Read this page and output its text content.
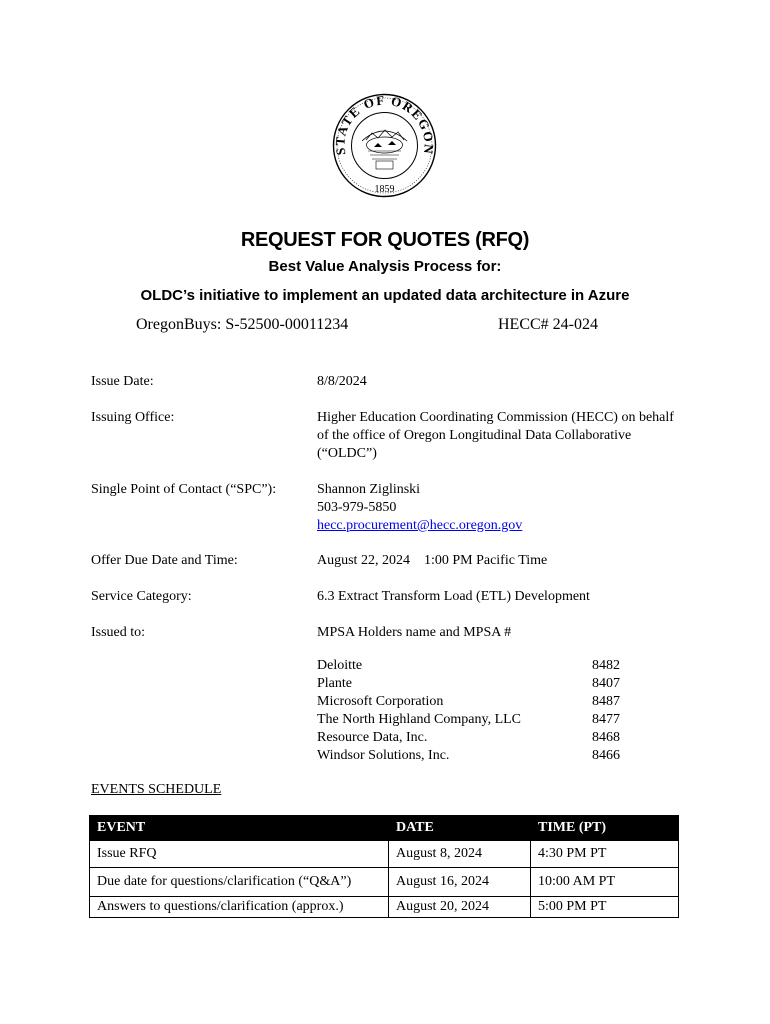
STATE OF OREGON
1859
REQUEST FOR QUOTES (RFQ)
Best Value Analysis Process for:
OLDC’s initiative to implement an updated data architecture in Azure
OregonBuys: S-52500-00011234	HECC# 24-024
Issue Date:	8/8/2024
Issuing Office:	Higher Education Coordinating Commission (HECC) on behalf of the office of Oregon Longitudinal Data Collaborative (“OLDC”)
Single Point of Contact (“SPC”):	Shannon Ziglinski
503-979-5850
hecc.procurement@hecc.oregon.gov
Offer Due Date and Time:	August 22, 2024    1:00 PM Pacific Time
Service Category:	6.3 Extract Transform Load (ETL) Development
Issued to:	MPSA Holders name and MPSA #
Deloitte	8482
Plante	8407
Microsoft Corporation	8487
The North Highland Company, LLC	8477
Resource Data, Inc.	8468
Windsor Solutions, Inc.	8466
EVENTS SCHEDULE
EVENT	DATE	TIME (PT)
Issue RFQ	August 8, 2024	4:30 PM PT
Due date for questions/clarification (“Q&A”)	August 16, 2024	10:00 AM PT
Answers to questions/clarification (approx.)	August 20, 2024	5:00 PM PT
